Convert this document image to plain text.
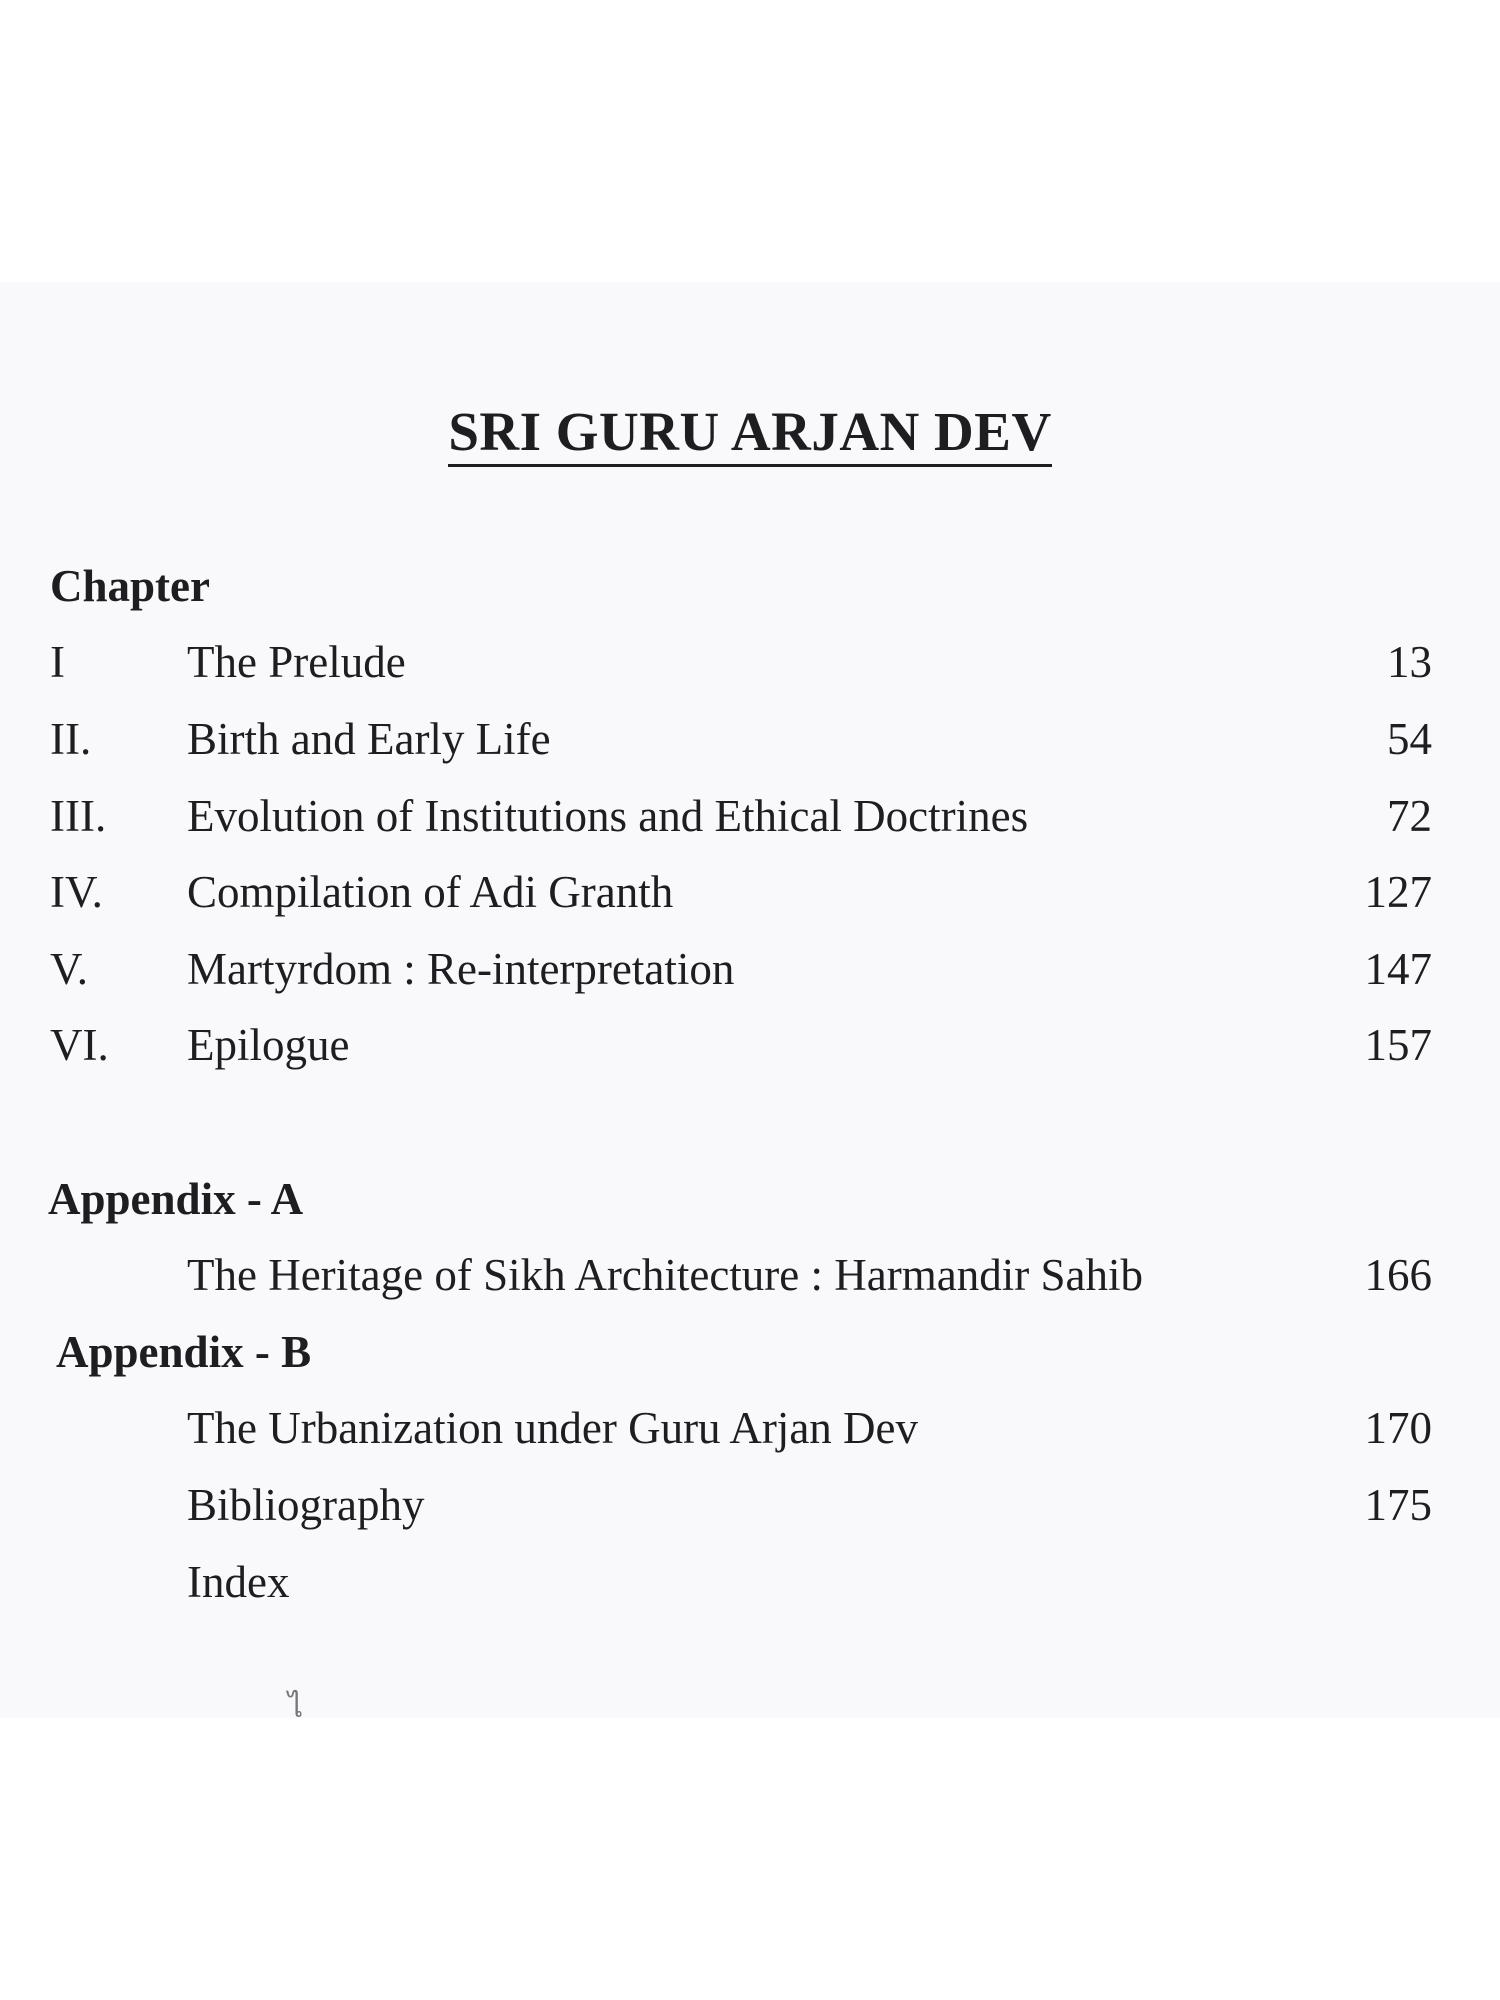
SRI GURU ARJAN DEV
Chapter
I	The Prelude	13
II. Birth and Early Life	54
III. Evolution of Institutions and Ethical Doctrines	72
IV. Compilation of Adi Granth	127
V. Martyrdom : Re-interpretation	147
VI. Epilogue	157
Appendix - A
The Heritage of Sikh Architecture : Harmandir Sahib	166
Appendix - B
The Urbanization under Guru Arjan Dev	170
Bibliography	175
Index
ไ
